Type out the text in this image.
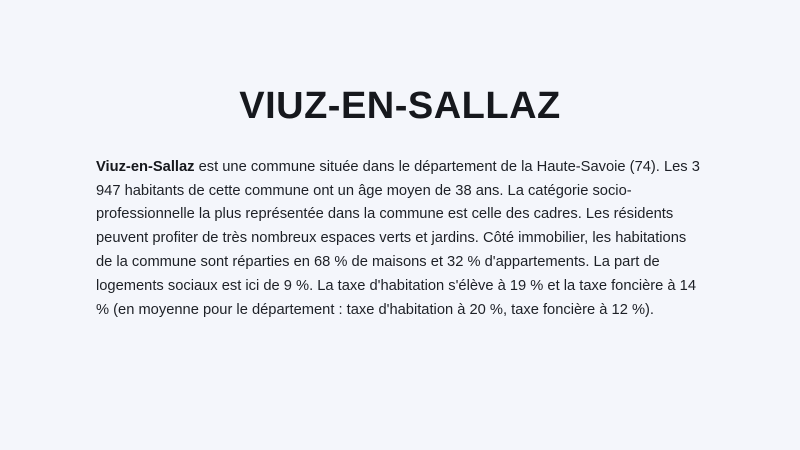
VIUZ-EN-SALLAZ

Viuz-en-Sallaz est une commune située dans le département de la Haute-Savoie (74). Les 3 947 habitants de cette commune ont un âge moyen de 38 ans. La catégorie socio-professionnelle la plus représentée dans la commune est celle des cadres. Les résidents peuvent profiter de très nombreux espaces verts et jardins. Côté immobilier, les habitations de la commune sont réparties en 68 % de maisons et 32 % d'appartements. La part de logements sociaux est ici de 9 %. La taxe d'habitation s'élève à 19 % et la taxe foncière à 14 % (en moyenne pour le département : taxe d'habitation à 20 %, taxe foncière à 12 %).
